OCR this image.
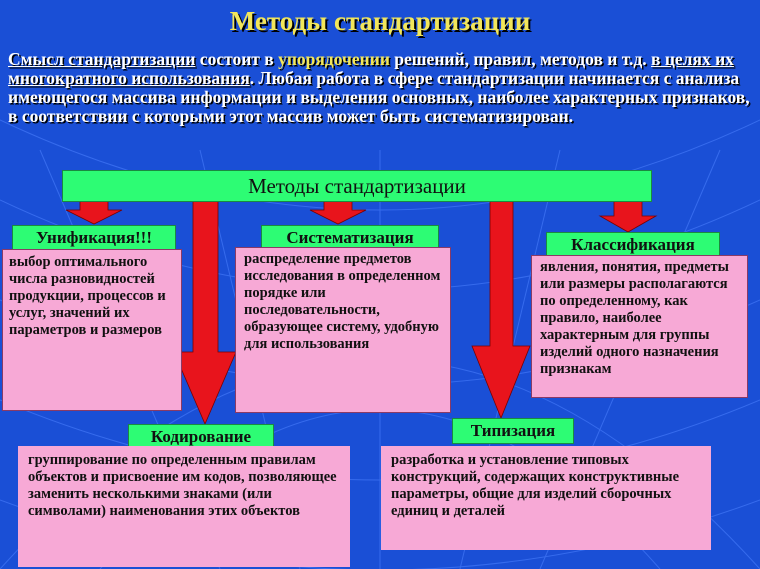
Методы стандартизации
Смысл стандартизации состоит в упорядочении решений, правил, методов и т.д. в целях их многократного использования. Любая работа в сфере стандартизации начинается с анализа имеющегося массива информации и выделения основных, наиболее характерных признаков, в соответствии с которыми этот массив может быть систематизирован.
Методы стандартизации
Унификация!!!
выбор оптимального числа разновидностей продукции, процессов и услуг, значений их параметров и размеров
Систематизация
распределение предметов исследования в определенном порядке или последовательности, образующее систему, удобную для использования
Классификация
явления, понятия, предметы или размеры располагаются по определенному, как правило, наиболее характерным для группы изделий одного назначения признакам
Кодирование
группирование по определенным правилам объектов и присвоение им кодов, позволяющее заменить несколькими знаками (или символами) наименования этих объектов
Типизация
разработка и установление типовых конструкций, содержащих конструктивные параметры, общие для изделий сборочных единиц и деталей
